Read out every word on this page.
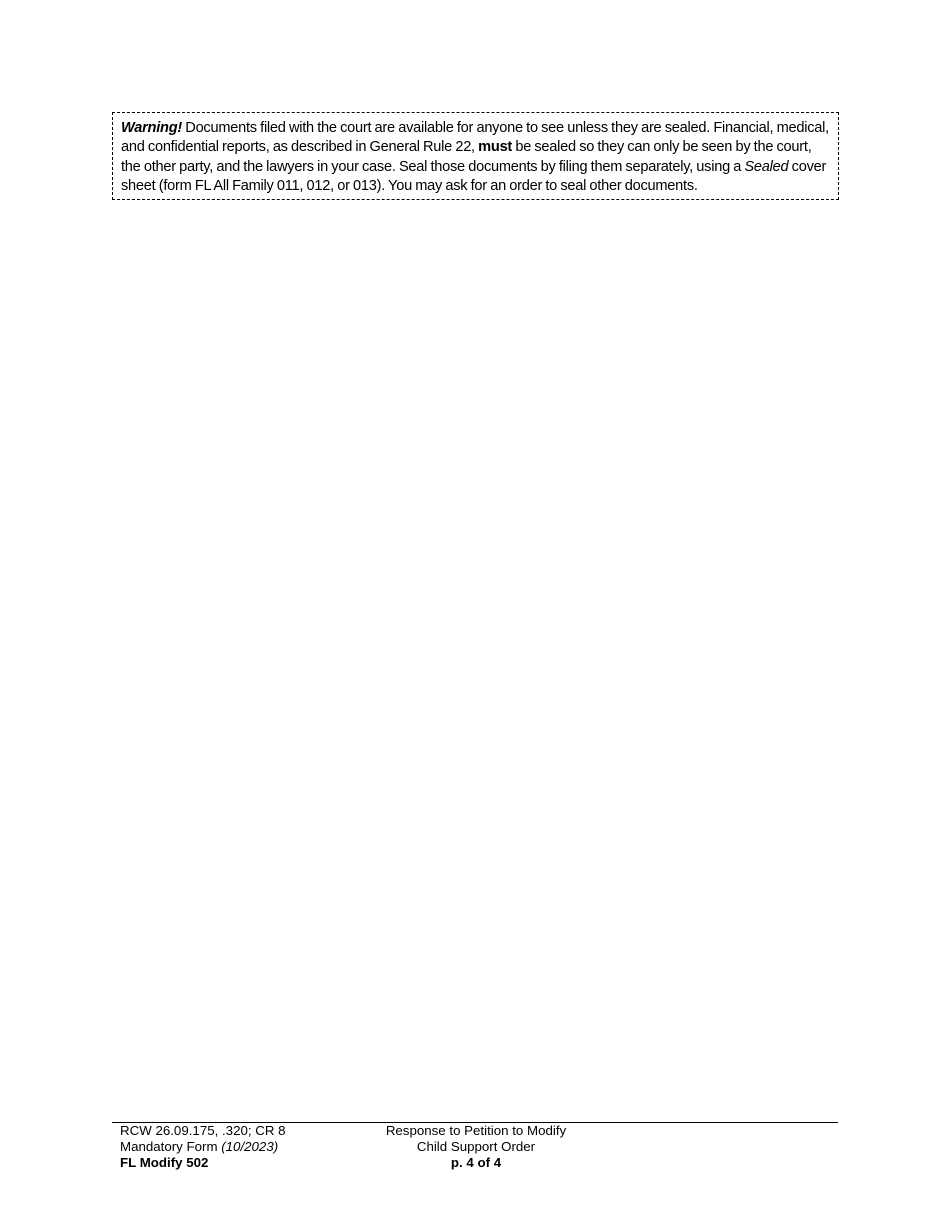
Warning! Documents filed with the court are available for anyone to see unless they are sealed. Financial, medical, and confidential reports, as described in General Rule 22, must be sealed so they can only be seen by the court, the other party, and the lawyers in your case. Seal those documents by filing them separately, using a Sealed cover sheet (form FL All Family 011, 012, or 013). You may ask for an order to seal other documents.
RCW 26.09.175, .320; CR 8
Mandatory Form (10/2023)
FL Modify 502
Response to Petition to Modify
Child Support Order
p. 4 of 4
